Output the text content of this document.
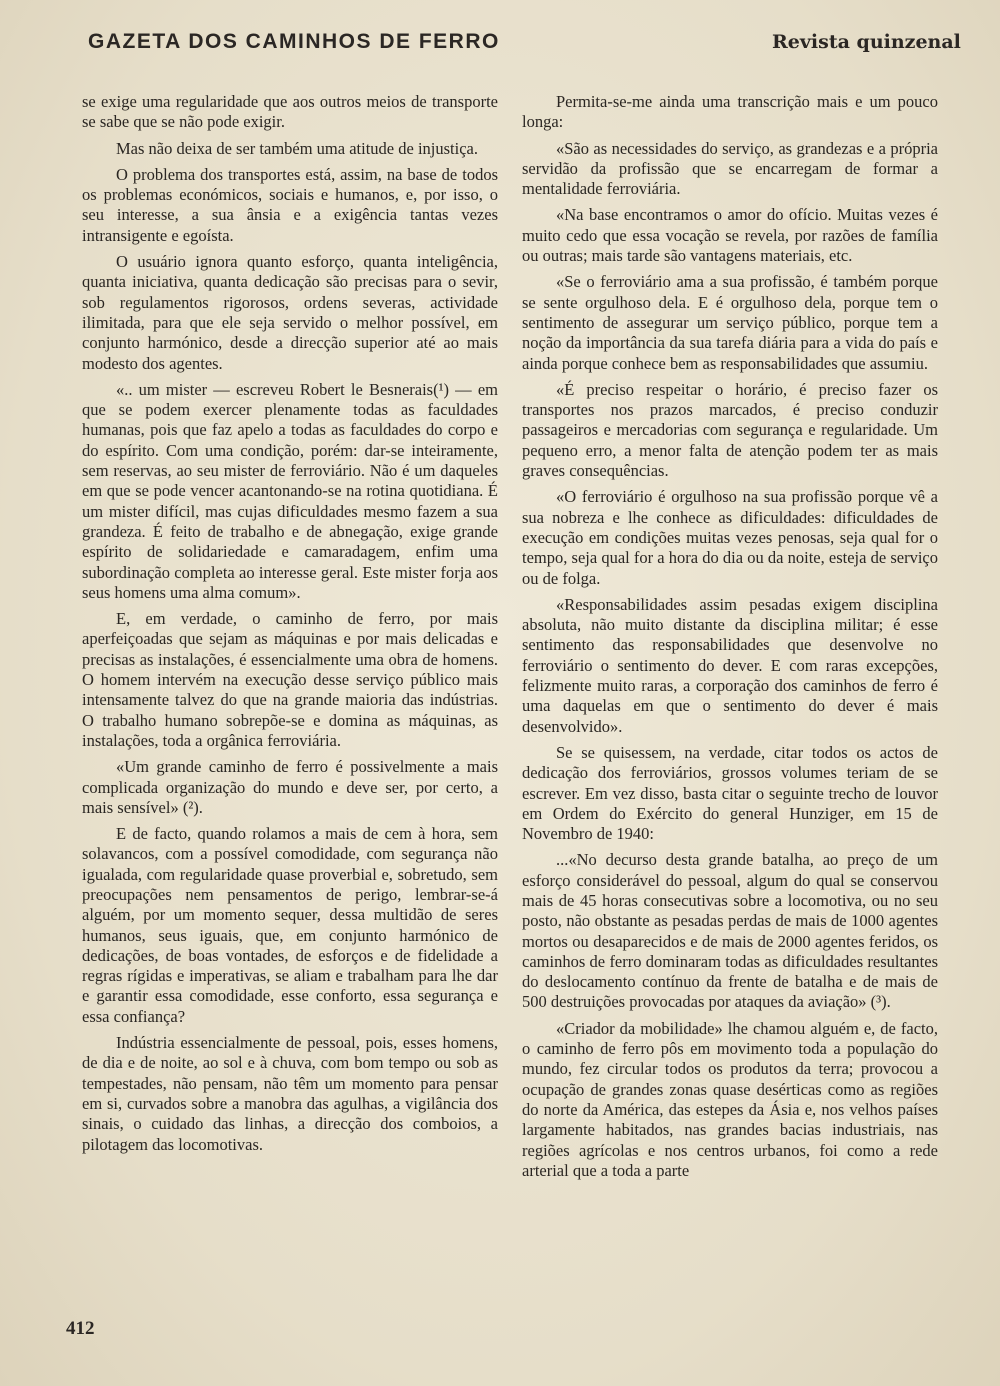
GAZETA DOS CAMINHOS DE FERRO	Revista quinzenal

se exige uma regularidade que aos outros meios de transporte se sabe que se não pode exigir.

Mas não deixa de ser também uma atitude de injustiça.

O problema dos transportes está, assim, na base de todos os problemas económicos, sociais e humanos, e, por isso, o seu interesse, a sua ânsia e a exigência tantas vezes intransigente e egoísta.

O usuário ignora quanto esforço, quanta inteligência, quanta iniciativa, quanta dedicação são precisas para o sevir, sob regulamentos rigorosos, ordens severas, actividade ilimitada, para que ele seja servido o melhor possível, em conjunto harmónico, desde a direcção superior até ao mais modesto dos agentes.

«.. um mister — escreveu Robert le Besnerais(¹) — em que se podem exercer plenamente todas as faculdades humanas, pois que faz apelo a todas as faculdades do corpo e do espírito. Com uma condição, porém: dar-se inteiramente, sem reservas, ao seu mister de ferroviário. Não é um daqueles em que se pode vencer acantonando-se na rotina quotidiana. É um mister difícil, mas cujas dificuldades mesmo fazem a sua grandeza. É feito de trabalho e de abnegação, exige grande espírito de solidariedade e camaradagem, enfim uma subordinação completa ao interesse geral. Este mister forja aos seus homens uma alma comum».

E, em verdade, o caminho de ferro, por mais aperfeiçoadas que sejam as máquinas e por mais delicadas e precisas as instalações, é essencialmente uma obra de homens. O homem intervém na execução desse serviço público mais intensamente talvez do que na grande maioria das indústrias. O trabalho humano sobrepõe-se e domina as máquinas, as instalações, toda a orgânica ferroviária.

«Um grande caminho de ferro é possivelmente a mais complicada organização do mundo e deve ser, por certo, a mais sensível» (²).

E de facto, quando rolamos a mais de cem à hora, sem solavancos, com a possível comodidade, com segurança não igualada, com regularidade quase proverbial e, sobretudo, sem preocupações nem pensamentos de perigo, lembrar-se-á alguém, por um momento sequer, dessa multidão de seres humanos, seus iguais, que, em conjunto harmónico de dedicações, de boas vontades, de esforços e de fidelidade a regras rígidas e imperativas, se aliam e trabalham para lhe dar e garantir essa comodidade, esse conforto, essa segurança e essa confiança?

Indústria essencialmente de pessoal, pois, esses homens, de dia e de noite, ao sol e à chuva, com bom tempo ou sob as tempestades, não pensam, não têm um momento para pensar em si, curvados sobre a manobra das agulhas, a vigilância dos sinais, o cuidado das linhas, a direcção dos comboios, a pilotagem das locomotivas.

Permita-se-me ainda uma transcrição mais e um pouco longa:

«São as necessidades do serviço, as grandezas e a própria servidão da profissão que se encarregam de formar a mentalidade ferroviária.

«Na base encontramos o amor do ofício. Muitas vezes é muito cedo que essa vocação se revela, por razões de família ou outras; mais tarde são vantagens materiais, etc.

«Se o ferroviário ama a sua profissão, é também porque se sente orgulhoso dela. E é orgulhoso dela, porque tem o sentimento de assegurar um serviço público, porque tem a noção da importância da sua tarefa diária para a vida do país e ainda porque conhece bem as responsabilidades que assumiu.

«É preciso respeitar o horário, é preciso fazer os transportes nos prazos marcados, é preciso conduzir passageiros e mercadorias com segurança e regularidade. Um pequeno erro, a menor falta de atenção podem ter as mais graves consequências.

«O ferroviário é orgulhoso na sua profissão porque vê a sua nobreza e lhe conhece as dificuldades: dificuldades de execução em condições muitas vezes penosas, seja qual for o tempo, seja qual for a hora do dia ou da noite, esteja de serviço ou de folga.

«Responsabilidades assim pesadas exigem disciplina absoluta, não muito distante da disciplina militar; é esse sentimento das responsabilidades que desenvolve no ferroviário o sentimento do dever. E com raras excepções, felizmente muito raras, a corporação dos caminhos de ferro é uma daquelas em que o sentimento do dever é mais desenvolvido».

Se se quisessem, na verdade, citar todos os actos de dedicação dos ferroviários, grossos volumes teriam de se escrever. Em vez disso, basta citar o seguinte trecho de louvor em Ordem do Exército do general Hunziger, em 15 de Novembro de 1940:

...«No decurso desta grande batalha, ao preço de um esforço considerável do pessoal, algum do qual se conservou mais de 45 horas consecutivas sobre a locomotiva, ou no seu posto, não obstante as pesadas perdas de mais de 1000 agentes mortos ou desaparecidos e de mais de 2000 agentes feridos, os caminhos de ferro dominaram todas as dificuldades resultantes do deslocamento contínuo da frente de batalha e de mais de 500 destruições provocadas por ataques da aviação» (³).

«Criador da mobilidade» lhe chamou alguém e, de facto, o caminho de ferro pôs em movimento toda a população do mundo, fez circular todos os produtos da terra; provocou a ocupação de grandes zonas quase desérticas como as regiões do norte da América, das estepes da Ásia e, nos velhos países largamente habitados, nas grandes bacias industriais, nas regiões agrícolas e nos centros urbanos, foi como a rede arterial que a toda a parte

412
